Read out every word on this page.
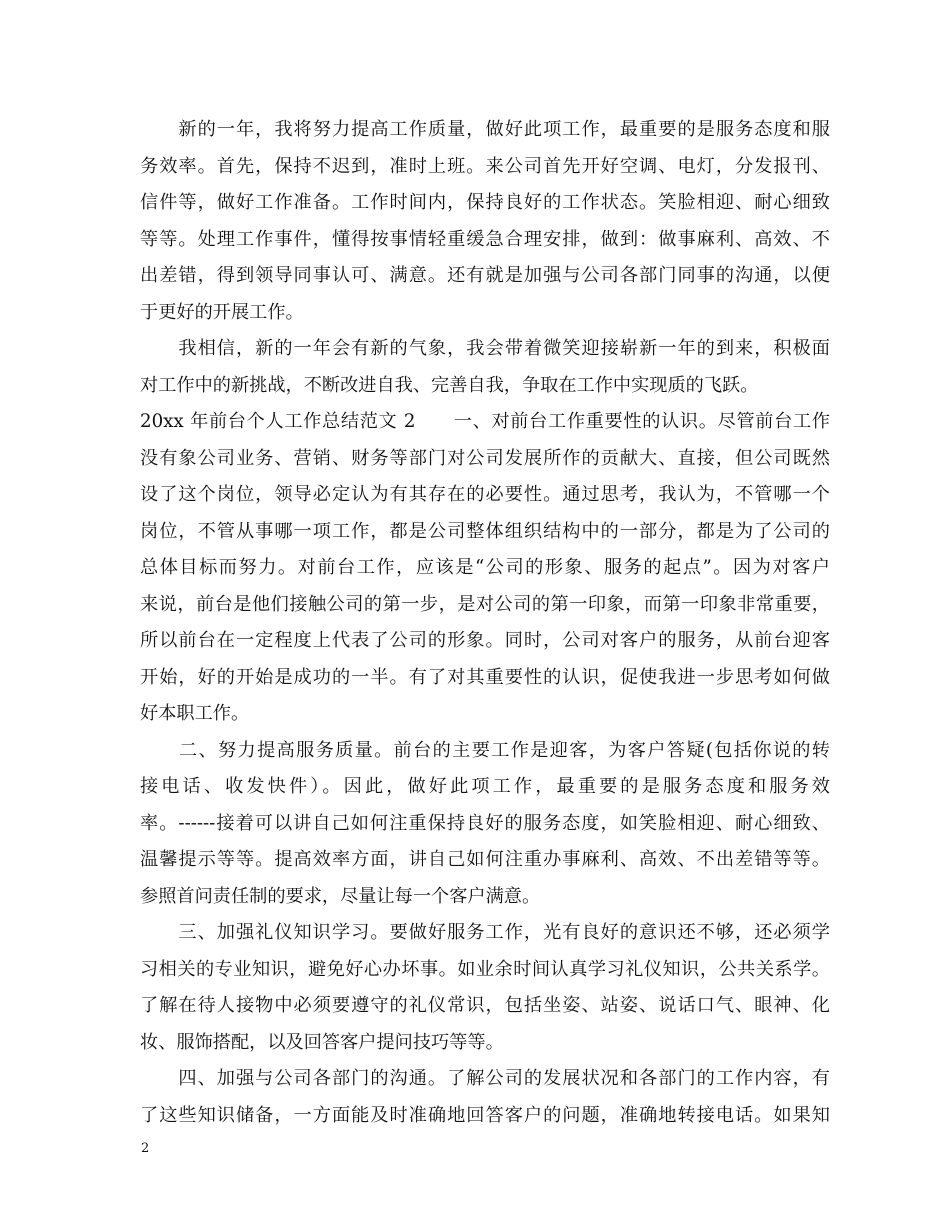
　　新的一年，我将努力提高工作质量，做好此项工作，最重要的是服务态度和服
务效率。首先，保持不迟到，准时上班。来公司首先开好空调、电灯，分发报刊、
信件等，做好工作准备。工作时间内，保持良好的工作状态。笑脸相迎、耐心细致
等等。处理工作事件，懂得按事情轻重缓急合理安排，做到：做事麻利、高效、不
出差错，得到领导同事认可、满意。还有就是加强与公司各部门同事的沟通，以便
于更好的开展工作。
　　我相信，新的一年会有新的气象，我会带着微笑迎接崭新一年的到来，积极面
对工作中的新挑战，不断改进自我、完善自我，争取在工作中实现质的飞跃。
20xx 年前台个人工作总结范文 2　　一、对前台工作重要性的认识。尽管前台工作
没有象公司业务、营销、财务等部门对公司发展所作的贡献大、直接，但公司既然
设了这个岗位，领导必定认为有其存在的必要性。通过思考，我认为，不管哪一个
岗位，不管从事哪一项工作，都是公司整体组织结构中的一部分，都是为了公司的
总体目标而努力。对前台工作，应该是“公司的形象、服务的起点”。因为对客户
来说，前台是他们接触公司的第一步，是对公司的第一印象，而第一印象非常重要，
所以前台在一定程度上代表了公司的形象。同时，公司对客户的服务，从前台迎客
开始，好的开始是成功的一半。有了对其重要性的认识，促使我进一步思考如何做
好本职工作。
　　二、努力提高服务质量。前台的主要工作是迎客，为客户答疑(包括你说的转
接电话、收发快件）。因此，做好此项工作，最重要的是服务态度和服务效
率。------接着可以讲自己如何注重保持良好的服务态度，如笑脸相迎、耐心细致、
温馨提示等等。提高效率方面，讲自己如何注重办事麻利、高效、不出差错等等。
参照首问责任制的要求，尽量让每一个客户满意。
　　三、加强礼仪知识学习。要做好服务工作，光有良好的意识还不够，还必须学
习相关的专业知识，避免好心办坏事。如业余时间认真学习礼仪知识，公共关系学。
了解在待人接物中必须要遵守的礼仪常识，包括坐姿、站姿、说话口气、眼神、化
妆、服饰搭配，以及回答客户提问技巧等等。
　　四、加强与公司各部门的沟通。了解公司的发展状况和各部门的工作内容，有
了这些知识储备，一方面能及时准确地回答客户的问题，准确地转接电话。如果知
2
